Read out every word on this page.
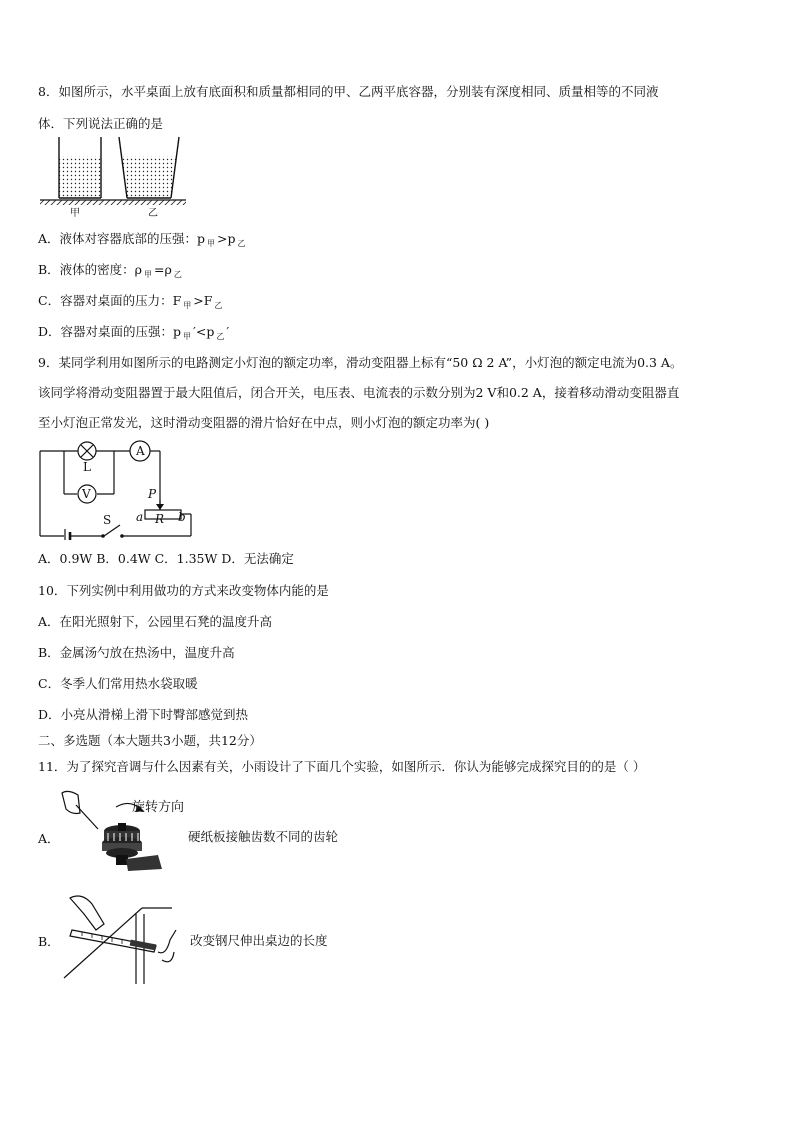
8．如图所示，水平桌面上放有底面积和质量都相同的甲、乙两平底容器，分别装有深度相同、质量相等的不同液
体．下列说法正确的是
甲	乙
A．液体对容器底部的压强：p $_甲$ >p $_乙$
B．液体的密度：ρ $_甲$ =ρ $_乙$
C．容器对桌面的压力：F $_甲$ >F $_乙$
D．容器对桌面的压强：p $_甲$ ′<p $_乙$ ′
9．某同学利用如图所示的电路测定小灯泡的额定功率，滑动变阻器上标有“50 Ω 2 A”，小灯泡的额定电流为0.3 A。
该同学将滑动变阻器置于最大阻值后，闭合开关，电压表、电流表的示数分别为2 V和0.2 A，接着移动滑动变阻器直
至小灯泡正常发光，这时滑动变阻器的滑片恰好在中点，则小灯泡的额定功率为( )
L
A
V	P
a R b
S
A．0.9W B．0.4W C．1.35W D．无法确定
10．下列实例中利用做功的方式来改变物体内能的是
A．在阳光照射下，公园里石凳的温度升高
B．金属汤勺放在热汤中，温度升高
C．冬季人们常用热水袋取暖
D．小亮从滑梯上滑下时臀部感觉到热
二、多选题（本大题共3小题，共12分）
11．为了探究音调与什么因素有关，小雨设计了下面几个实验，如图所示．你认为能够完成探究目的的是（ ）
旋转方向
A．	硬纸板接触齿数不同的齿轮
B．	改变钢尺伸出桌边的长度
